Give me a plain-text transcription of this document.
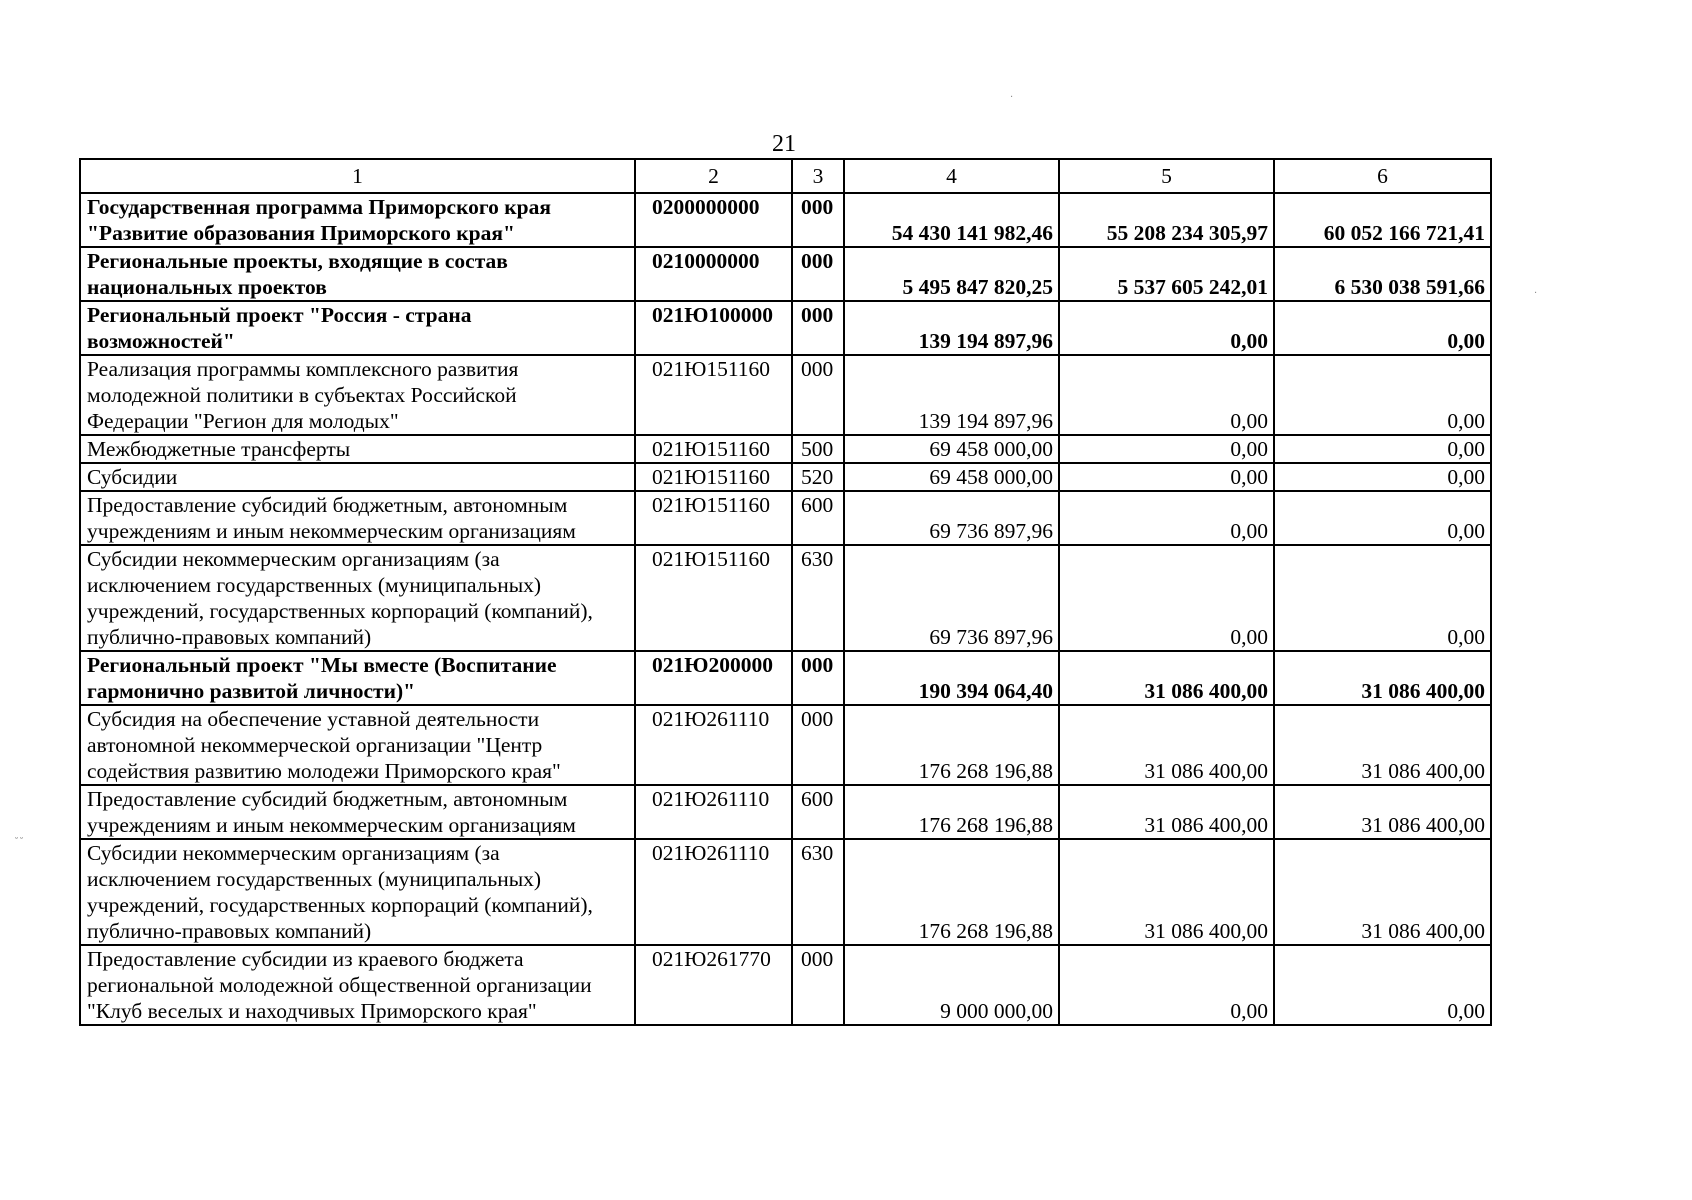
21
·
·
˘˘
1	2	3	4	5	6

Государственная программа Приморского края
"Развитие образования Приморского края"	0200000000	000	54 430 141 982,46	55 208 234 305,97	60 052 166 721,41

Региональные проекты, входящие в состав
национальных проектов	0210000000	000	5 495 847 820,25	5 537 605 242,01	6 530 038 591,66

Региональный проект "Россия - страна
возможностей"	021Ю100000	000	139 194 897,96	0,00	0,00

Реализация программы комплексного развития
молодежной политики в субъектах Российской
Федерации "Регион для молодых"	021Ю151160	000	139 194 897,96	0,00	0,00

Межбюджетные трансферты	021Ю151160	500	69 458 000,00	0,00	0,00

Субсидии	021Ю151160	520	69 458 000,00	0,00	0,00

Предоставление субсидий бюджетным, автономным
учреждениям и иным некоммерческим организациям	021Ю151160	600	69 736 897,96	0,00	0,00

Субсидии некоммерческим организациям (за
исключением государственных (муниципальных)
учреждений, государственных корпораций (компаний),
публично-правовых компаний)	021Ю151160	630	69 736 897,96	0,00	0,00

Региональный проект "Мы вместе (Воспитание
гармонично развитой личности)"	021Ю200000	000	190 394 064,40	31 086 400,00	31 086 400,00

Субсидия на обеспечение уставной деятельности
автономной некоммерческой организации "Центр
содействия развитию молодежи Приморского края"	021Ю261110	000	176 268 196,88	31 086 400,00	31 086 400,00

Предоставление субсидий бюджетным, автономным
учреждениям и иным некоммерческим организациям	021Ю261110	600	176 268 196,88	31 086 400,00	31 086 400,00

Субсидии некоммерческим организациям (за
исключением государственных (муниципальных)
учреждений, государственных корпораций (компаний),
публично-правовых компаний)	021Ю261110	630	176 268 196,88	31 086 400,00	31 086 400,00

Предоставление субсидии из краевого бюджета
региональной молодежной общественной организации
"Клуб веселых и находчивых Приморского края"	021Ю261770	000	9 000 000,00	0,00	0,00
